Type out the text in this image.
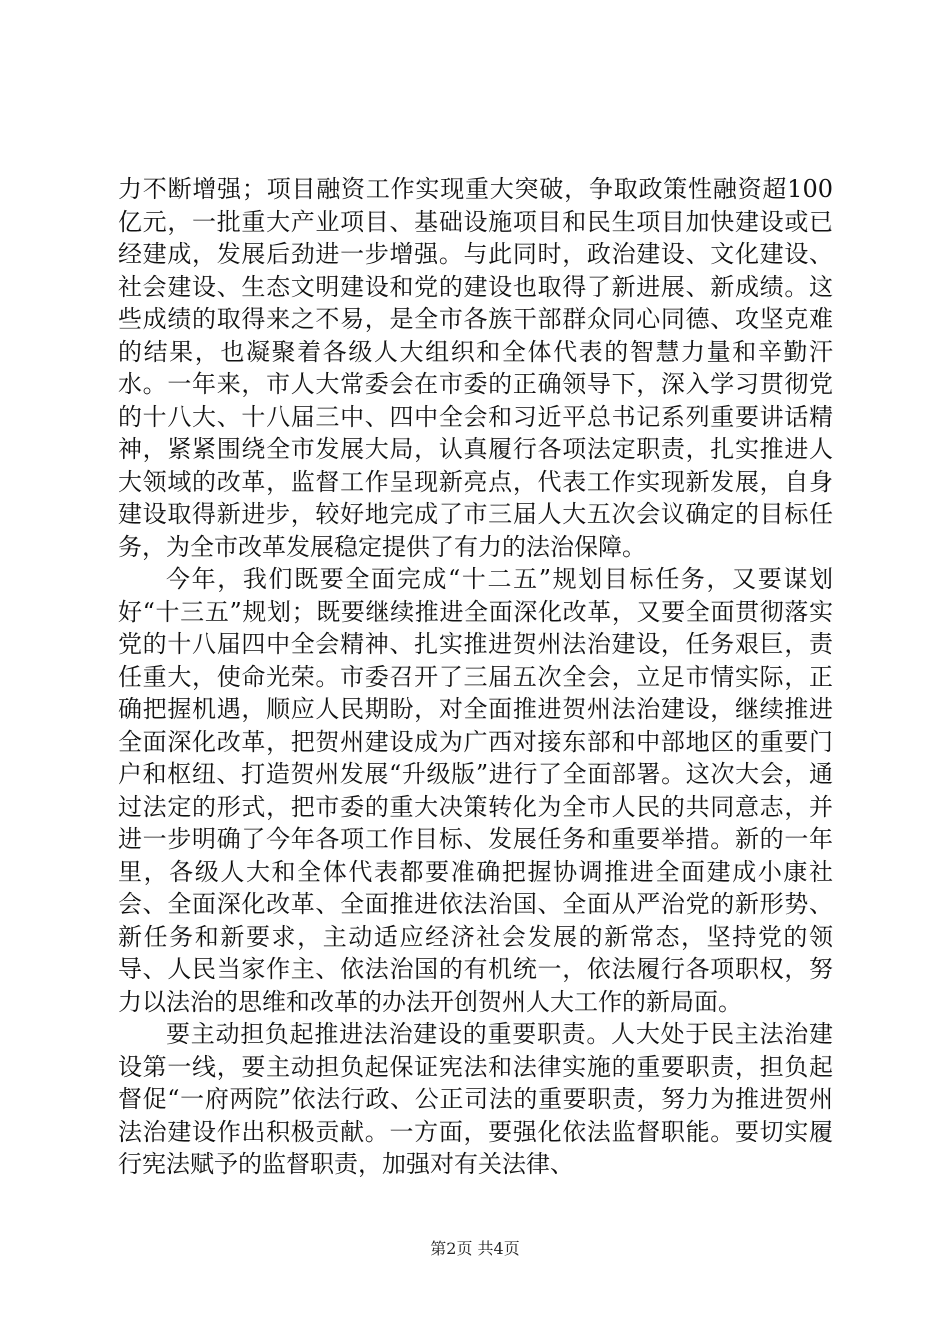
力不断增强；项目融资工作实现重大突破，争取政策性融资超100亿元，一批重大产业项目、基础设施项目和民生项目加快建设或已经建成，发展后劲进一步增强。与此同时，政治建设、文化建设、社会建设、生态文明建设和党的建设也取得了新进展、新成绩。这些成绩的取得来之不易，是全市各族干部群众同心同德、攻坚克难的结果，也凝聚着各级人大组织和全体代表的智慧力量和辛勤汗水。一年来，市人大常委会在市委的正确领导下，深入学习贯彻党的十八大、十八届三中、四中全会和习近平总书记系列重要讲话精神，紧紧围绕全市发展大局，认真履行各项法定职责，扎实推进人大领域的改革，监督工作呈现新亮点，代表工作实现新发展，自身建设取得新进步，较好地完成了市三届人大五次会议确定的目标任务，为全市改革发展稳定提供了有力的法治保障。

今年，我们既要全面完成“十二五”规划目标任务，又要谋划好“十三五”规划；既要继续推进全面深化改革，又要全面贯彻落实党的十八届四中全会精神、扎实推进贺州法治建设，任务艰巨，责任重大，使命光荣。市委召开了三届五次全会，立足市情实际，正确把握机遇，顺应人民期盼，对全面推进贺州法治建设，继续推进全面深化改革，把贺州建设成为广西对接东部和中部地区的重要门户和枢纽、打造贺州发展“升级版”进行了全面部署。这次大会，通过法定的形式，把市委的重大决策转化为全市人民的共同意志，并进一步明确了今年各项工作目标、发展任务和重要举措。新的一年里，各级人大和全体代表都要准确把握协调推进全面建成小康社会、全面深化改革、全面推进依法治国、全面从严治党的新形势、新任务和新要求，主动适应经济社会发展的新常态，坚持党的领导、人民当家作主、依法治国的有机统一，依法履行各项职权，努力以法治的思维和改革的办法开创贺州人大工作的新局面。

要主动担负起推进法治建设的重要职责。人大处于民主法治建设第一线，要主动担负起保证宪法和法律实施的重要职责，担负起督促“一府两院”依法行政、公正司法的重要职责，努力为推进贺州法治建设作出积极贡献。一方面，要强化依法监督职能。要切实履行宪法赋予的监督职责，加强对有关法律、

第2页 共4页
